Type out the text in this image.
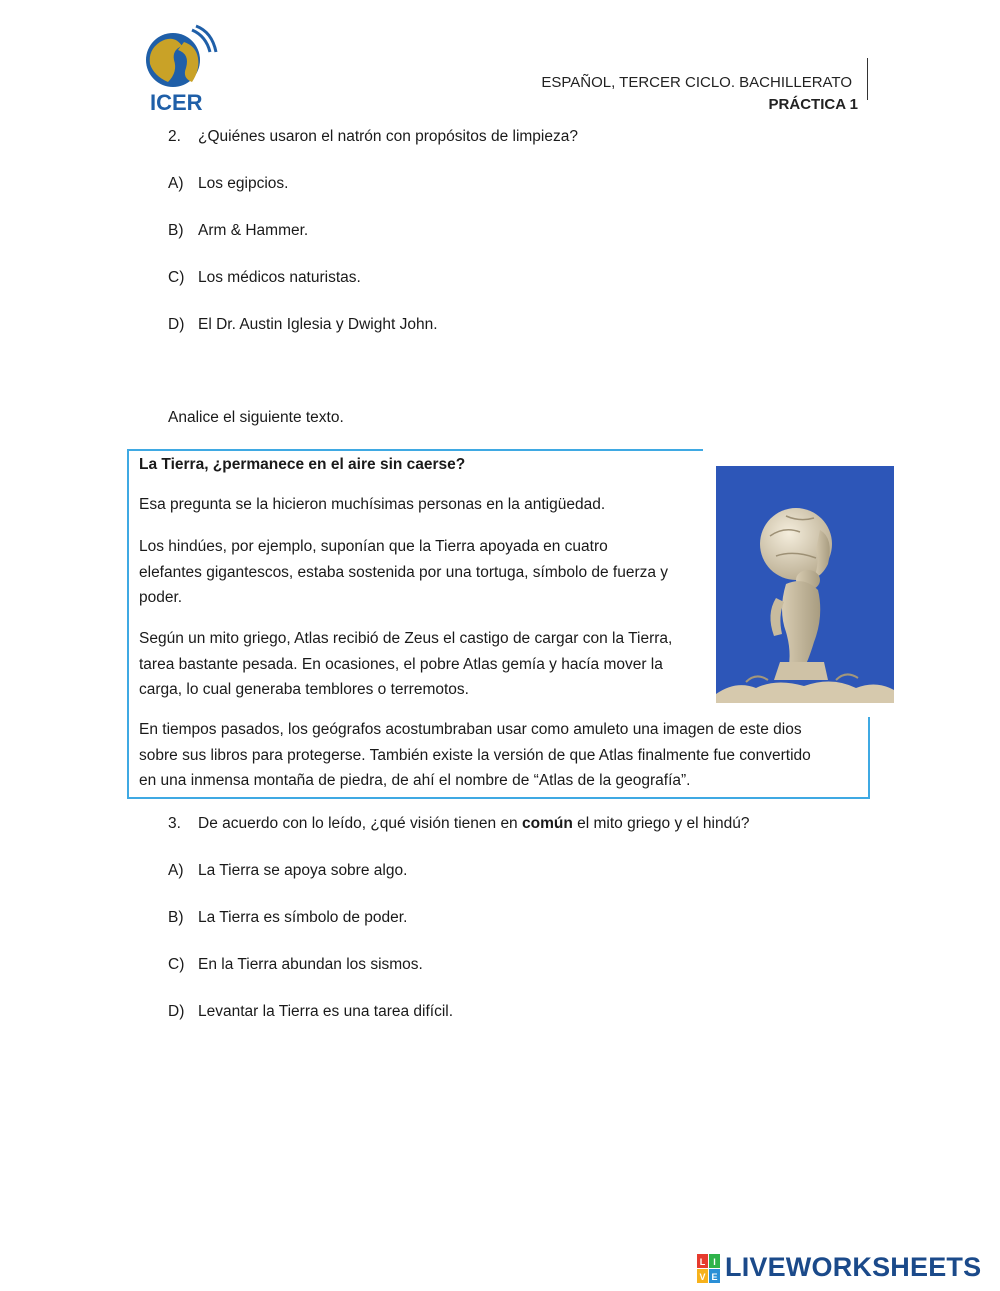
ICER
ESPAÑOL, TERCER CICLO. BACHILLERATO
PRÁCTICA 1
2. ¿Quiénes usaron el natrón con propósitos de limpieza?
A) Los egipcios.
B) Arm & Hammer.
C) Los médicos naturistas.
D) El Dr. Austin Iglesia y Dwight John.
Analice el siguiente texto.
La Tierra, ¿permanece en el aire sin caerse?
Esa pregunta se la hicieron muchísimas personas en la antigüedad.
Los hindúes, por ejemplo, suponían que la Tierra apoyada en cuatro
elefantes gigantescos, estaba sostenida por una tortuga, símbolo de fuerza y
poder.
Según un mito griego, Atlas recibió de Zeus el castigo de cargar con la Tierra,
tarea bastante pesada. En ocasiones, el pobre Atlas gemía y hacía mover la
carga, lo cual generaba temblores o terremotos.
En tiempos pasados, los geógrafos acostumbraban usar como amuleto una imagen de este dios
sobre sus libros para protegerse. También existe la versión de que Atlas finalmente fue convertido
en una inmensa montaña de piedra, de ahí el nombre de “Atlas de la geografía”.
3. De acuerdo con lo leído, ¿qué visión tienen en común el mito griego y el hindú?
A) La Tierra se apoya sobre algo.
B) La Tierra es símbolo de poder.
C) En la Tierra abundan los sismos.
D) Levantar la Tierra es una tarea difícil.
L I
V E LIVEWORKSHEETS
